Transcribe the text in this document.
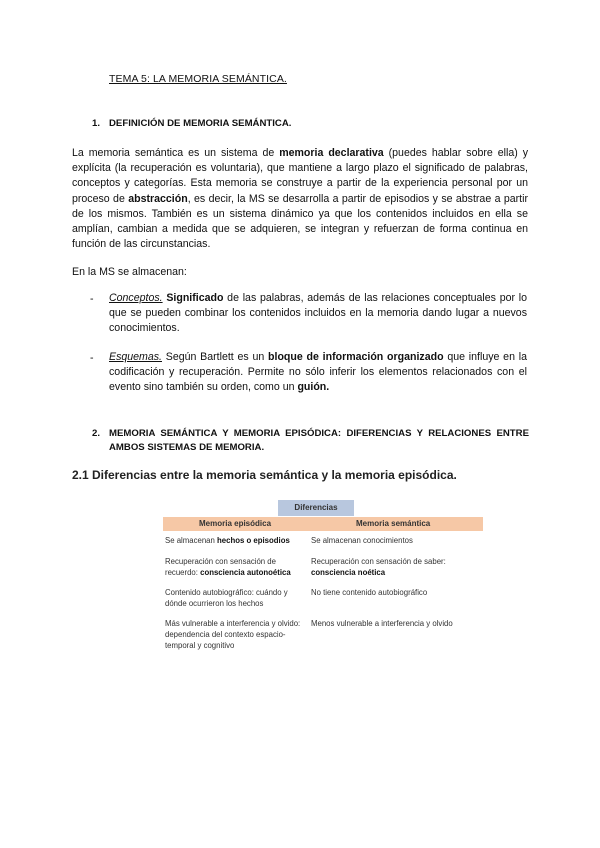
TEMA 5: LA MEMORIA SEMÁNTICA.
1. DEFINICIÓN DE MEMORIA SEMÁNTICA.
La memoria semántica es un sistema de memoria declarativa (puedes hablar sobre ella) y explícita (la recuperación es voluntaria), que mantiene a largo plazo el significado de palabras, conceptos y categorías. Esta memoria se construye a partir de la experiencia personal por un proceso de abstracción, es decir, la MS se desarrolla a partir de episodios y se abstrae a partir de los mismos. También es un sistema dinámico ya que los contenidos incluidos en ella se amplían, cambian a medida que se adquieren, se integran y refuerzan de forma continua en función de las circunstancias.
En la MS se almacenan:
- Conceptos. Significado de las palabras, además de las relaciones conceptuales por lo que se pueden combinar los contenidos incluidos en la memoria dando lugar a nuevos conocimientos.
- Esquemas. Según Bartlett es un bloque de información organizado que influye en la codificación y recuperación. Permite no sólo inferir los elementos relacionados con el evento sino también su orden, como un guión.
2. MEMORIA SEMÁNTICA Y MEMORIA EPISÓDICA: DIFERENCIAS Y RELACIONES ENTRE
AMBOS SISTEMAS DE MEMORIA.
2.1 Diferencias entre la memoria semántica y la memoria episódica.
Diferencias
Memoria episódica	Memoria semántica
Se almacenan hechos o episodios	Se almacenan conocimientos
Recuperación con sensación de recuerdo: consciencia autonoética
Recuperación con sensación de saber: consciencia noética
Contenido autobiográfico: cuándo y dónde ocurrieron los hechos
No tiene contenido autobiográfico
Más vulnerable a interferencia y olvido: dependencia del contexto espacio-temporal y cognitivo
Menos vulnerable a interferencia y olvido
